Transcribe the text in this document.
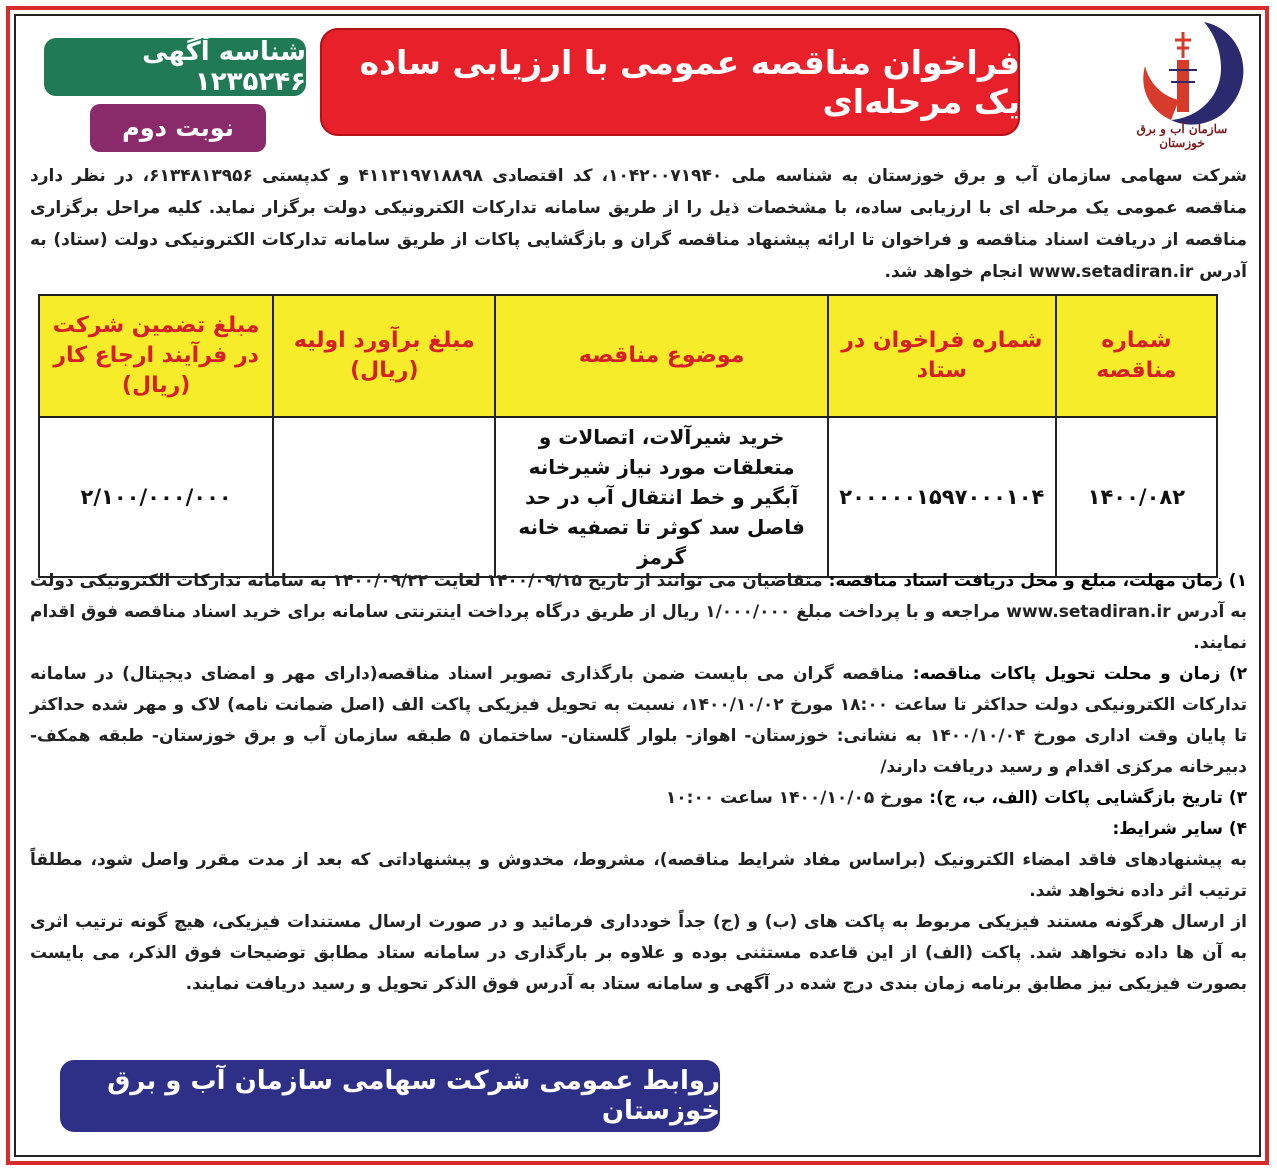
سازمان آب و برق خوزستان
فراخوان مناقصه عمومی با ارزیابی ساده یک مرحله‌ای
شناسه آگهی ۱۲۳۵۲۴۶
نوبت دوم
شرکت سهامی سازمان آب و برق خوزستان به شناسه ملی ۱۰۴۲۰۰۷۱۹۴۰، کد اقتصادی ۴۱۱۳۱۹۷۱۸۸۹۸ و کدپستی ۶۱۳۴۸۱۳۹۵۶، در نظر دارد مناقصه عمومی یک مرحله ای با ارزیابی ساده، با مشخصات ذیل را از طریق سامانه تدارکات الکترونیکی دولت برگزار نماید. کلیه مراحل برگزاری مناقصه از دریافت اسناد مناقصه و فراخوان تا ارائه پیشنهاد مناقصه گران و بازگشایی پاکات از طریق سامانه تدارکات الکترونیکی دولت (ستاد) به آدرس www.setadiran.ir انجام خواهد شد.
شماره مناقصه	شماره فراخوان در ستاد	موضوع مناقصه	مبلغ برآورد اولیه (ریال)	مبلغ تضمین شرکت در فرآیند ارجاع کار (ریال)
۱۴۰۰/۰۸۲	۲۰۰۰۰۰۱۵۹۷۰۰۰۱۰۴	خرید شیرآلات، اتصالات و متعلقات مورد نیاز شیرخانه آبگیر و خط انتقال آب در حد فاصل سد کوثر تا تصفیه خانه گرمز		۲/۱۰۰/۰۰۰/۰۰۰

۱) زمان مهلت، مبلغ و محل دریافت اسناد مناقصه: متقاضیان می توانند از تاریخ ۱۴۰۰/۰۹/۱۵ لغایت ۱۴۰۰/۰۹/۲۲ به سامانه تدارکات الکترونیکی دولت به آدرس www.setadiran.ir مراجعه و با پرداخت مبلغ ۱/۰۰۰/۰۰۰ ریال از طریق درگاه پرداخت اینترنتی سامانه برای خرید اسناد مناقصه فوق اقدام نمایند.

۲) زمان و محلت تحویل پاکات مناقصه: مناقصه گران می بایست ضمن بارگذاری تصویر اسناد مناقصه(دارای مهر و امضای دیجیتال) در سامانه تدارکات الکترونیکی دولت حداکثر تا ساعت ۱۸:۰۰ مورخ ۱۴۰۰/۱۰/۰۲، نسبت به تحویل فیزیکی پاکت الف (اصل ضمانت نامه) لاک و مهر شده حداکثر تا پایان وقت اداری مورخ ۱۴۰۰/۱۰/۰۴ به نشانی: خوزستان- اهواز- بلوار گلستان- ساختمان ۵ طبقه سازمان آب و برق خوزستان- طبقه همکف- دبیرخانه مرکزی اقدام و رسید دریافت دارند/

۳) تاریخ بازگشایی پاکات (الف، ب، ج): مورخ ۱۴۰۰/۱۰/۰۵ ساعت ۱۰:۰۰

۴) سایر شرایط:

به پیشنهادهای فاقد امضاء الکترونیک (براساس مفاد شرایط مناقصه)، مشروط، مخدوش و پیشنهاداتی که بعد از مدت مقرر واصل شود، مطلقاً ترتیب اثر داده نخواهد شد.

از ارسال هرگونه مستند فیزیکی مربوط به پاکت های (ب) و (ج) جداً خودداری فرمائید و در صورت ارسال مستندات فیزیکی، هیچ گونه ترتیب اثری به آن ها داده نخواهد شد. پاکت (الف) از این قاعده مستثنی بوده و علاوه بر بارگذاری در سامانه ستاد مطابق توضیحات فوق الذکر، می بایست بصورت فیزیکی نیز مطابق برنامه زمان بندی درج شده در آگهی و سامانه ستاد به آدرس فوق الذکر تحویل و رسید دریافت نمایند.

روابط عمومی شرکت سهامی سازمان آب و برق خوزستان
